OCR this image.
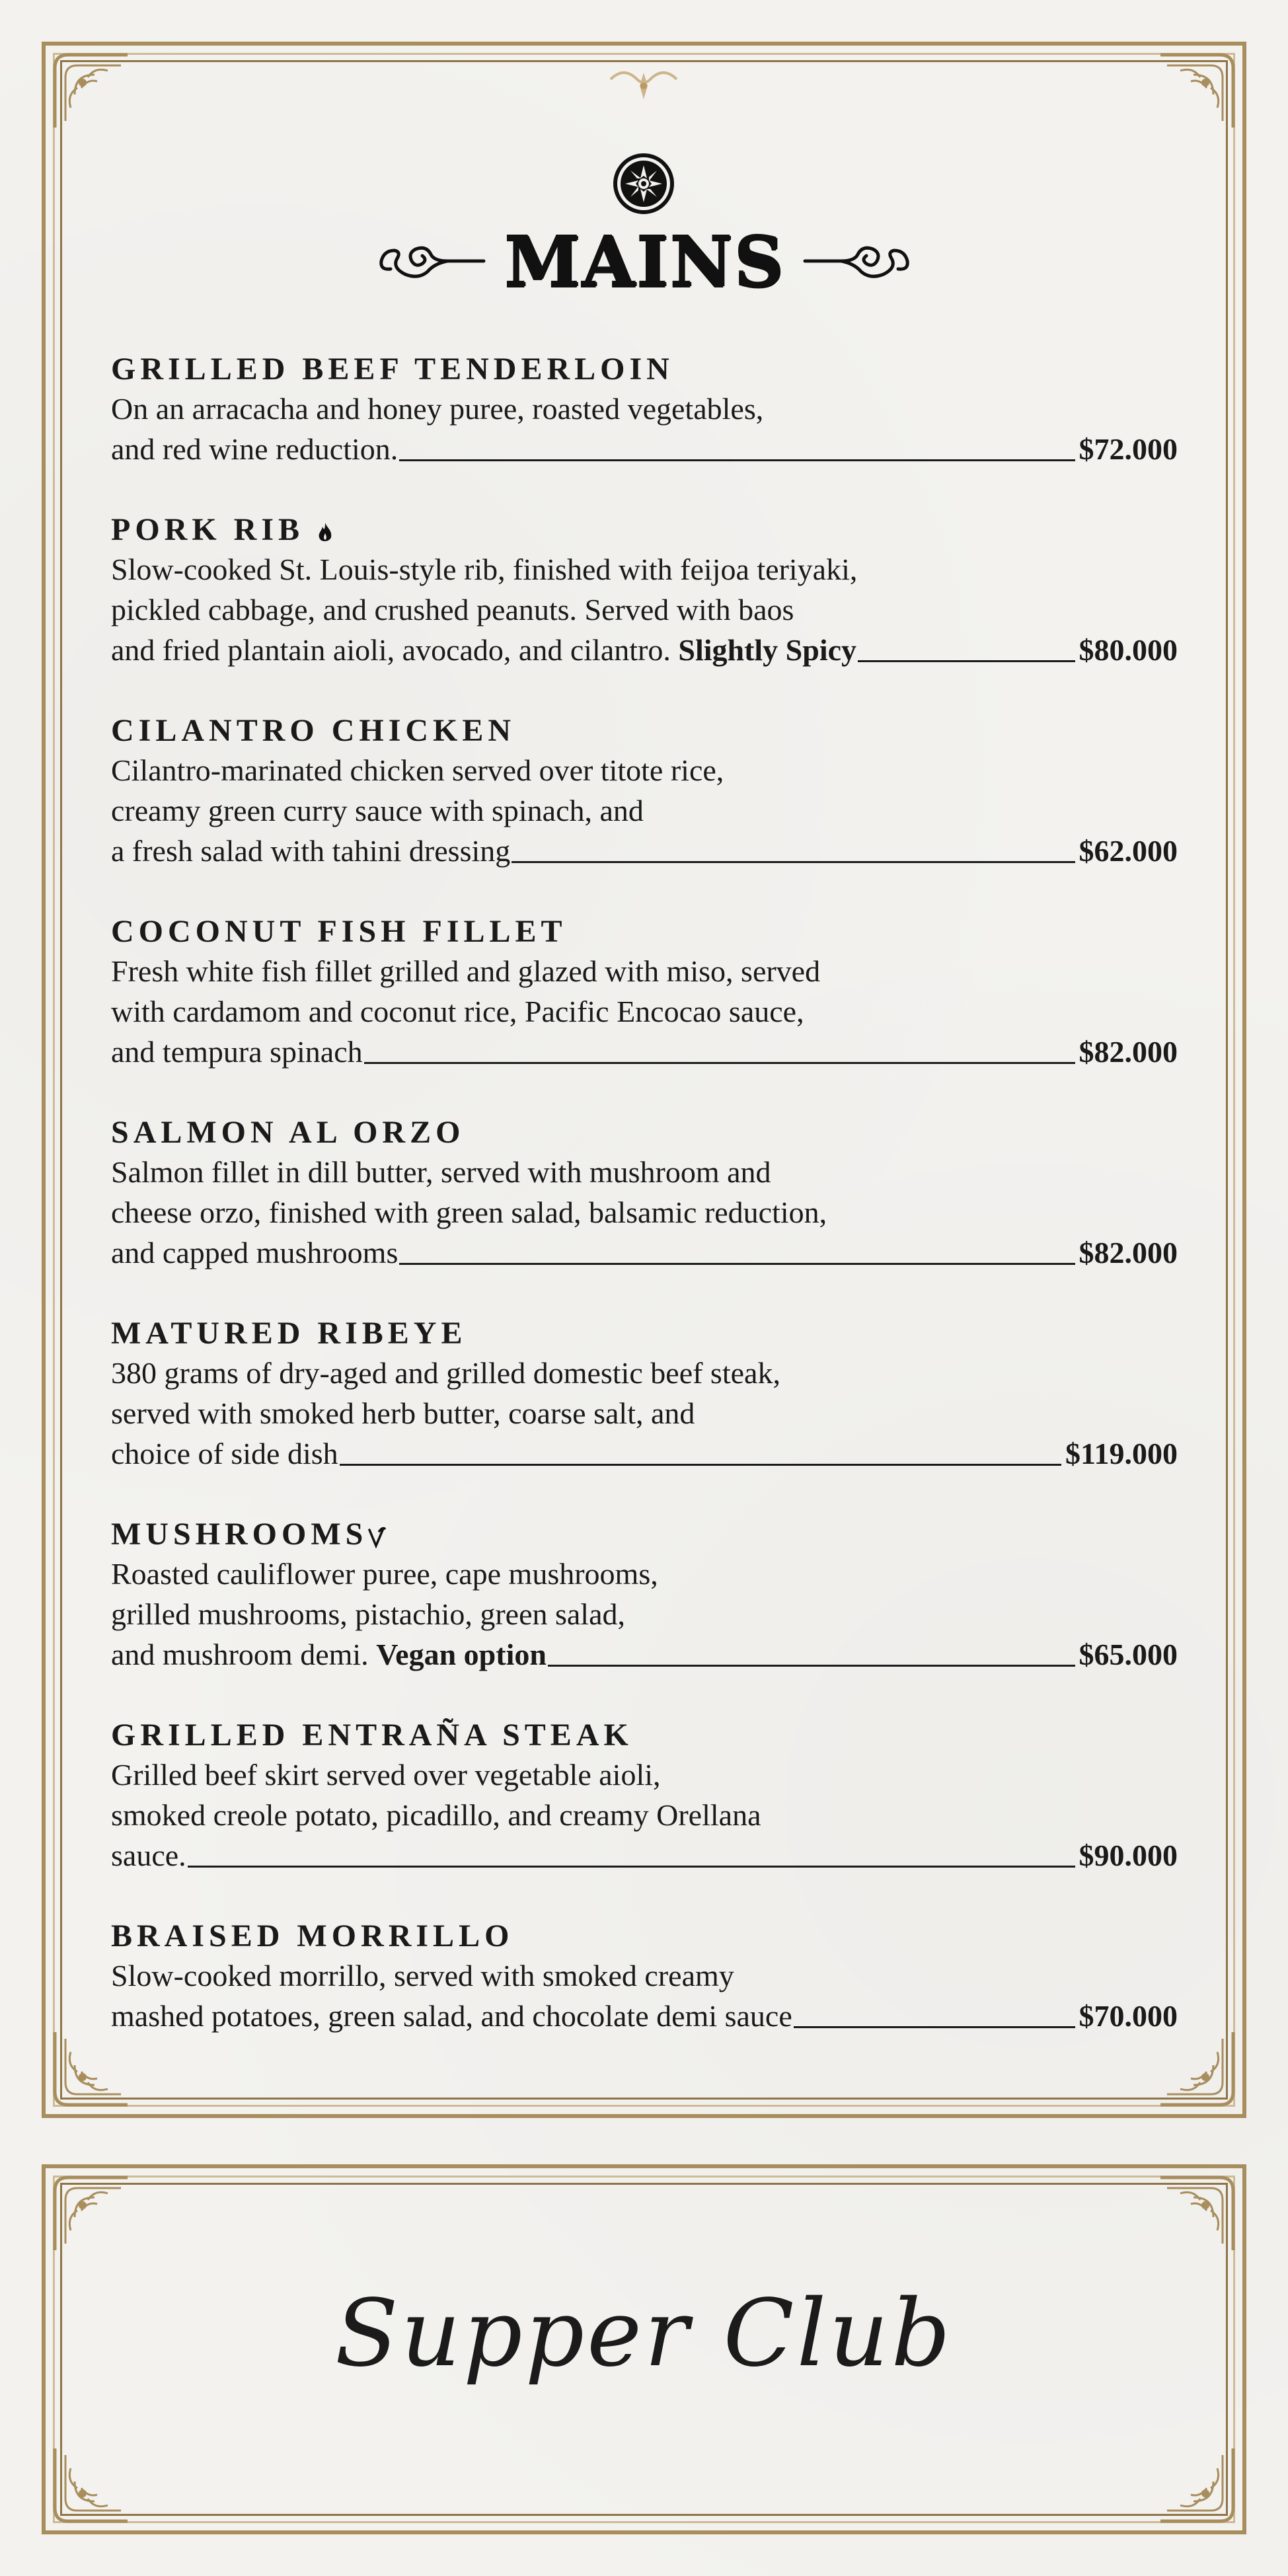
MAINS
GRILLED BEEF TENDERLOIN
On an arracacha and honey puree, roasted vegetables,
and red wine reduction.	$72.000
PORK RIB
Slow-cooked St. Louis-style rib, finished with feijoa teriyaki,
pickled cabbage, and crushed peanuts. Served with baos
and fried plantain aioli, avocado, and cilantro. Slightly Spicy	$80.000
CILANTRO CHICKEN
Cilantro-marinated chicken served over titote rice,
creamy green curry sauce with spinach, and
a fresh salad with tahini dressing	$62.000
COCONUT FISH FILLET
Fresh white fish fillet grilled and glazed with miso, served
with cardamom and coconut rice, Pacific Encocao sauce,
and tempura spinach	$82.000
SALMON AL ORZO
Salmon fillet in dill butter, served with mushroom and
cheese orzo, finished with green salad, balsamic reduction,
and capped mushrooms	$82.000
MATURED RIBEYE
380 grams of dry-aged and grilled domestic beef steak,
served with smoked herb butter, coarse salt, and
choice of side dish	$119.000
MUSHROOMS
Roasted cauliflower puree, cape mushrooms,
grilled mushrooms, pistachio, green salad,
and mushroom demi. Vegan option	$65.000
GRILLED ENTRAÑA STEAK
Grilled beef skirt served over vegetable aioli,
smoked creole potato, picadillo, and creamy Orellana
sauce.	$90.000
BRAISED MORRILLO
Slow-cooked morrillo, served with smoked creamy
mashed potatoes, green salad, and chocolate demi sauce	$70.000
Supper Club
